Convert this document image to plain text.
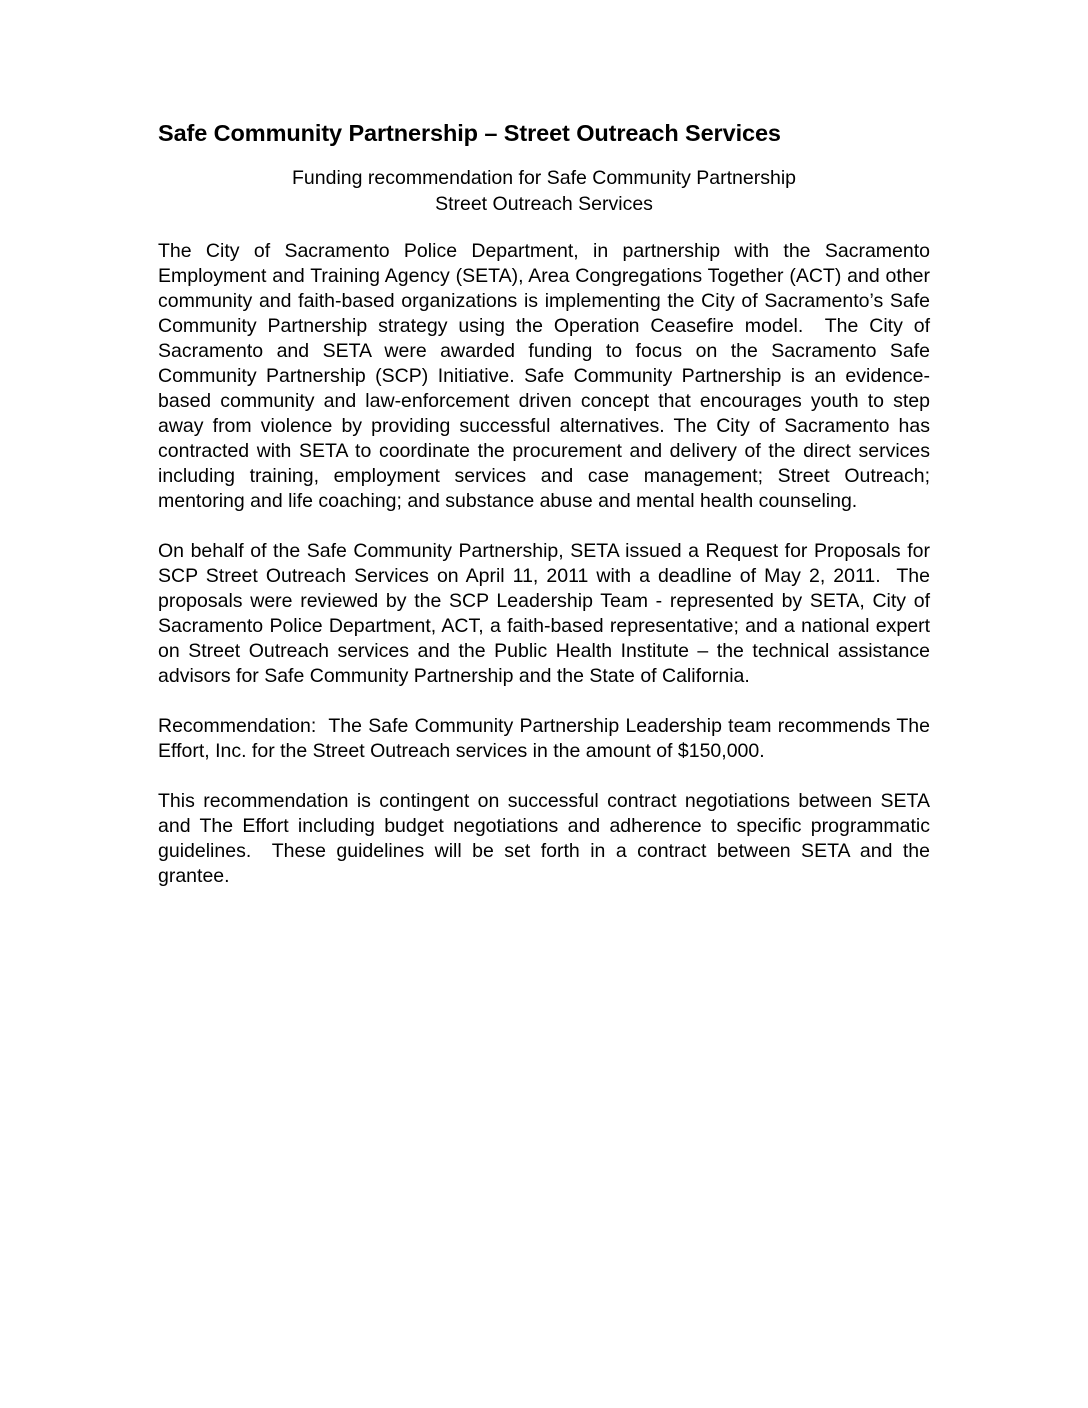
Safe Community Partnership – Street Outreach Services
Funding recommendation for Safe Community Partnership
Street Outreach Services

The City of Sacramento Police Department, in partnership with the Sacramento Employment and Training Agency (SETA), Area Congregations Together (ACT) and other community and faith-based organizations is implementing the City of Sacramento’s Safe Community Partnership strategy using the Operation Ceasefire model.  The City of Sacramento and SETA were awarded funding to focus on the Sacramento Safe Community Partnership (SCP) Initiative. Safe Community Partnership is an evidence-based community and law-enforcement driven concept that encourages youth to step away from violence by providing successful alternatives. The City of Sacramento has contracted with SETA to coordinate the procurement and delivery of the direct services including training, employment services and case management; Street Outreach; mentoring and life coaching; and substance abuse and mental health counseling.

On behalf of the Safe Community Partnership, SETA issued a Request for Proposals for SCP Street Outreach Services on April 11, 2011 with a deadline of May 2, 2011.  The proposals were reviewed by the SCP Leadership Team - represented by SETA, City of Sacramento Police Department, ACT, a faith-based representative; and a national expert on Street Outreach services and the Public Health Institute – the technical assistance advisors for Safe Community Partnership and the State of California.

Recommendation:  The Safe Community Partnership Leadership team recommends The Effort, Inc. for the Street Outreach services in the amount of $150,000.

This recommendation is contingent on successful contract negotiations between SETA and The Effort including budget negotiations and adherence to specific programmatic guidelines.  These guidelines will be set forth in a contract between SETA and the grantee.
